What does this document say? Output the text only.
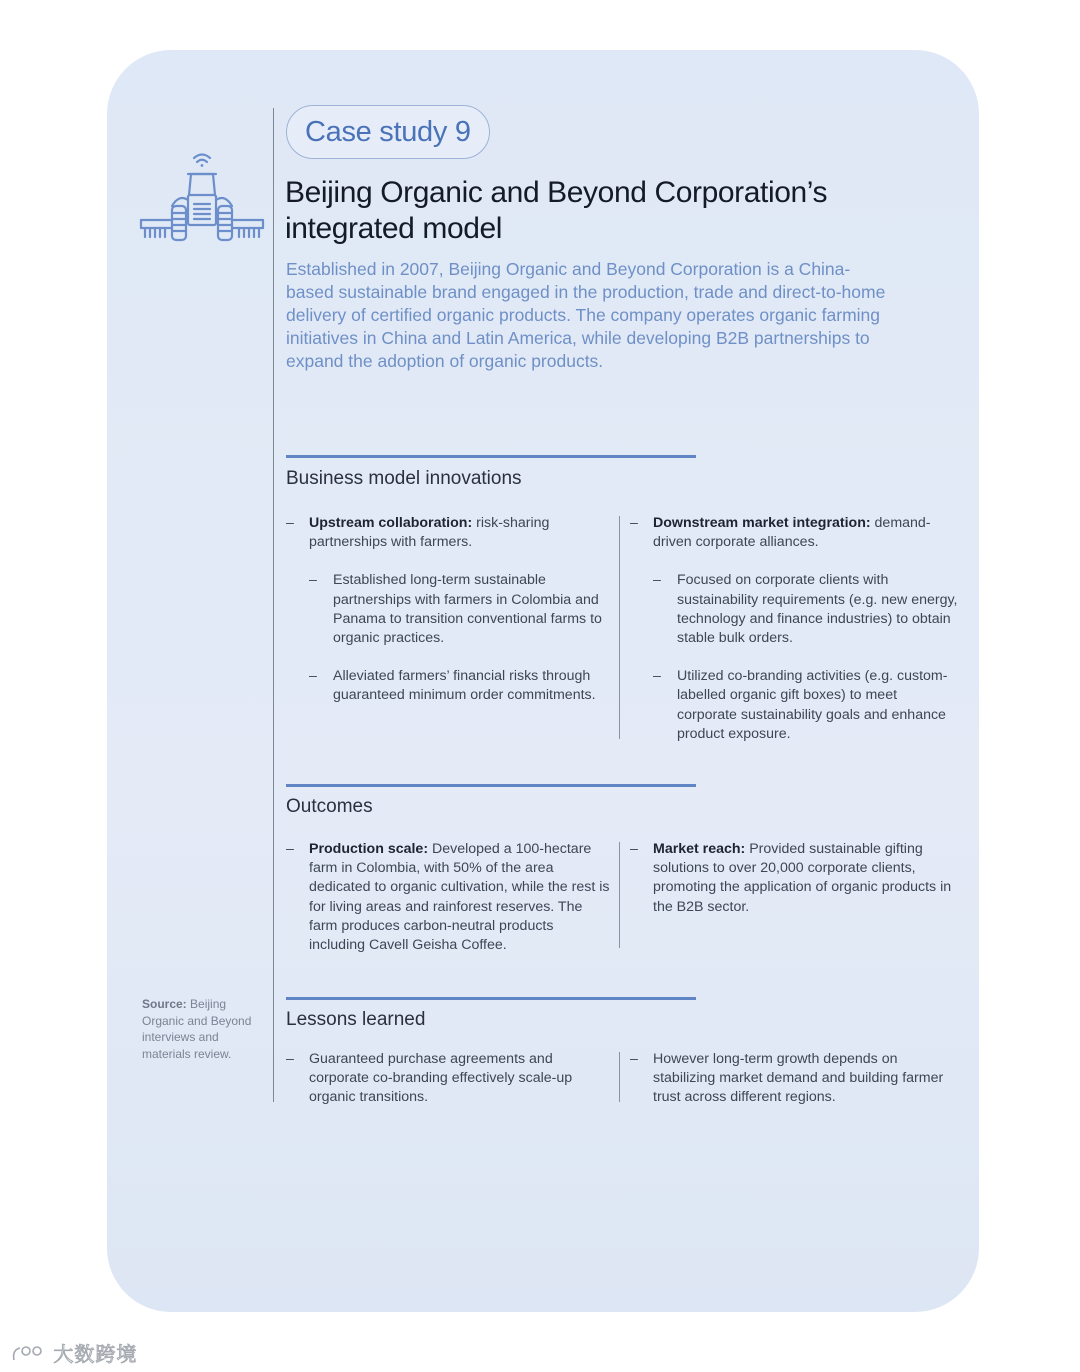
Case study 9
Beijing Organic and Beyond Corporation’s integrated model

Established in 2007, Beijing Organic and Beyond Corporation is a China-based sustainable brand engaged in the production, trade and direct-to-home delivery of certified organic products. The company operates organic farming initiatives in China and Latin America, while developing B2B partnerships to expand the adoption of organic products.

Business model innovations
– Upstream collaboration: risk-sharing partnerships with farmers.
– Established long-term sustainable partnerships with farmers in Colombia and Panama to transition conventional farms to organic practices.
– Alleviated farmers’ financial risks through guaranteed minimum order commitments.
– Downstream market integration: demand-driven corporate alliances.
– Focused on corporate clients with sustainability requirements (e.g. new energy, technology and finance industries) to obtain stable bulk orders.
– Utilized co-branding activities (e.g. custom-labelled organic gift boxes) to meet corporate sustainability goals and enhance product exposure.
Outcomes
– Production scale: Developed a 100-hectare farm in Colombia, with 50% of the area dedicated to organic cultivation, while the rest is for living areas and rainforest reserves. The farm produces carbon-neutral products including Cavell Geisha Coffee.
– Market reach: Provided sustainable gifting solutions to over 20,000 corporate clients, promoting the application of organic products in the B2B sector.
Lessons learned
– Guaranteed purchase agreements and corporate co-branding effectively scale-up organic transitions.
– However long-term growth depends on stabilizing market demand and building farmer trust across different regions.
Source: Beijing Organic and Beyond interviews and materials review.
大数跨境
